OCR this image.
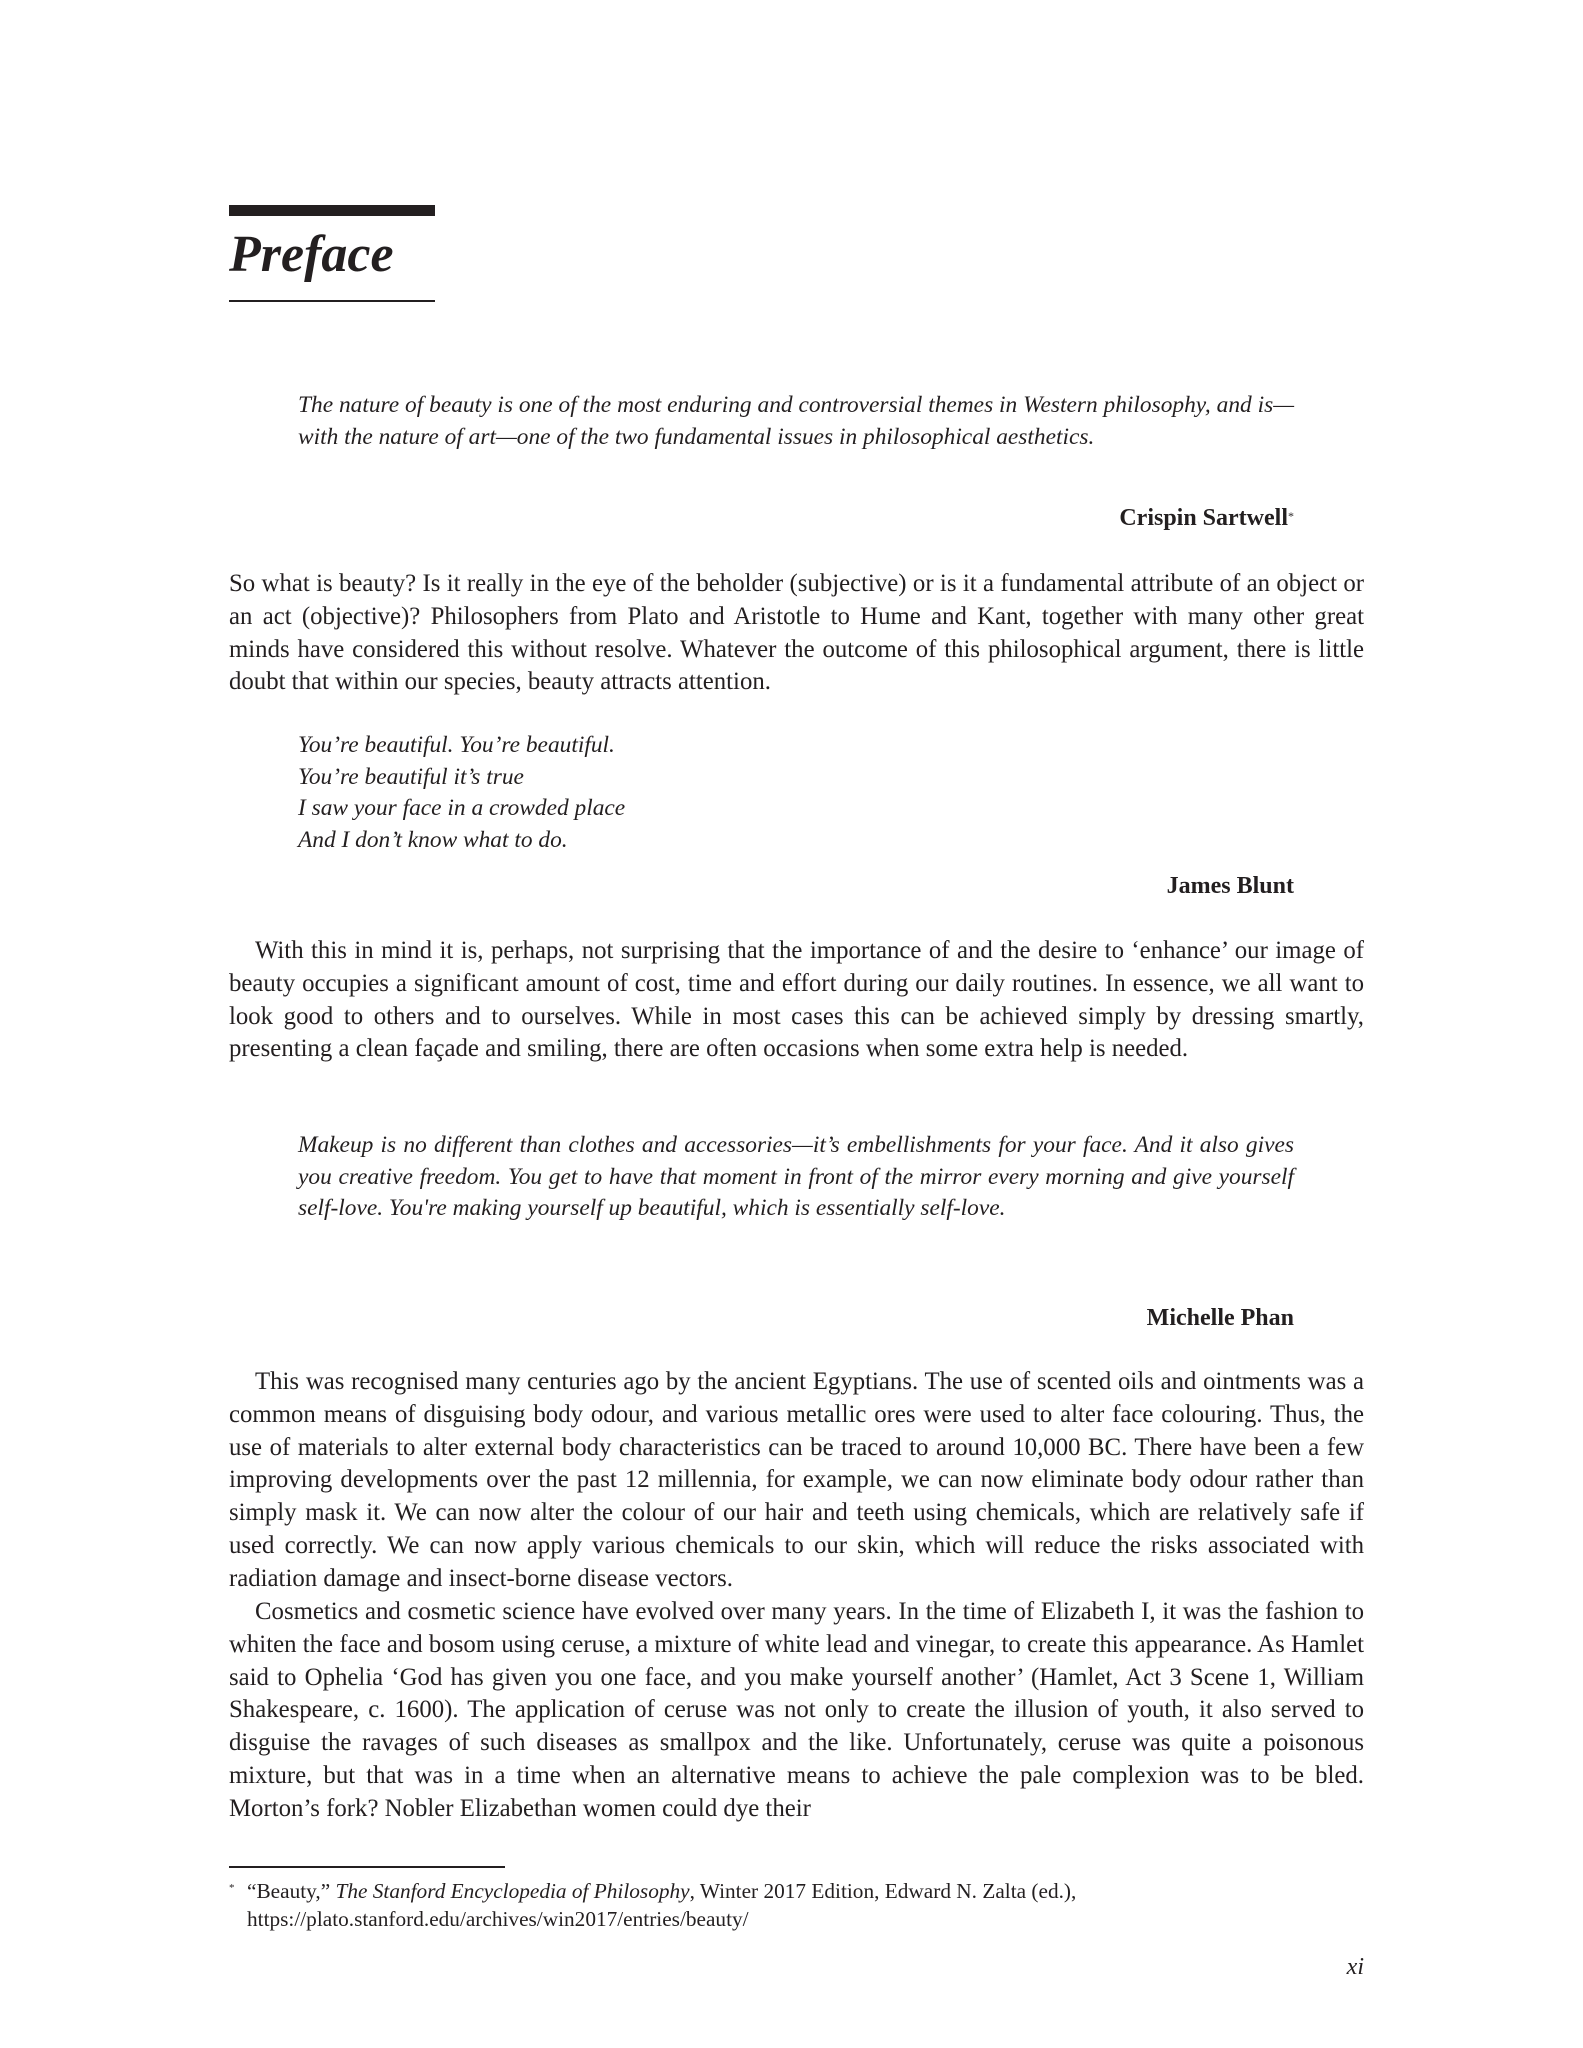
Preface

The nature of beauty is one of the most enduring and controversial themes in Western philosophy, and is—with the nature of art—one of the two fundamental issues in philosophical aesthetics.

Crispin Sartwell*

So what is beauty? Is it really in the eye of the beholder (subjective) or is it a fundamental attribute of an object or an act (objective)? Philosophers from Plato and Aristotle to Hume and Kant, together with many other great minds have considered this without resolve. Whatever the outcome of this philosophical argument, there is little doubt that within our species, beauty attracts attention.

You’re beautiful. You’re beautiful.
You’re beautiful it’s true
I saw your face in a crowded place
And I don’t know what to do.

James Blunt

With this in mind it is, perhaps, not surprising that the importance of and the desire to ‘enhance’ our image of beauty occupies a significant amount of cost, time and effort during our daily routines. In essence, we all want to look good to others and to ourselves. While in most cases this can be achieved simply by dressing smartly, presenting a clean façade and smiling, there are often occasions when some extra help is needed.

Makeup is no different than clothes and accessories—it’s embellishments for your face. And it also gives you creative freedom. You get to have that moment in front of the mirror every morning and give yourself self-love. You're making yourself up beautiful, which is essentially self-love.

Michelle Phan

This was recognised many centuries ago by the ancient Egyptians. The use of scented oils and ointments was a common means of disguising body odour, and various metallic ores were used to alter face colouring. Thus, the use of materials to alter external body characteristics can be traced to around 10,000 BC. There have been a few improving developments over the past 12 millennia, for example, we can now eliminate body odour rather than simply mask it. We can now alter the colour of our hair and teeth using chemicals, which are relatively safe if used correctly. We can now apply various chemicals to our skin, which will reduce the risks associated with radiation damage and insect-borne disease vectors.

Cosmetics and cosmetic science have evolved over many years. In the time of Elizabeth I, it was the fashion to whiten the face and bosom using ceruse, a mixture of white lead and vinegar, to create this appearance. As Hamlet said to Ophelia ‘God has given you one face, and you make yourself another’ (Hamlet, Act 3 Scene 1, William Shakespeare, c. 1600). The application of ceruse was not only to create the illusion of youth, it also served to disguise the ravages of such diseases as smallpox and the like. Unfortunately, ceruse was quite a poisonous mixture, but that was in a time when an alternative means to achieve the pale complexion was to be bled. Morton’s fork? Nobler Elizabethan women could dye their

* “Beauty,” The Stanford Encyclopedia of Philosophy, Winter 2017 Edition, Edward N. Zalta (ed.), https://plato.stanford.edu/archives/win2017/entries/beauty/

xi
